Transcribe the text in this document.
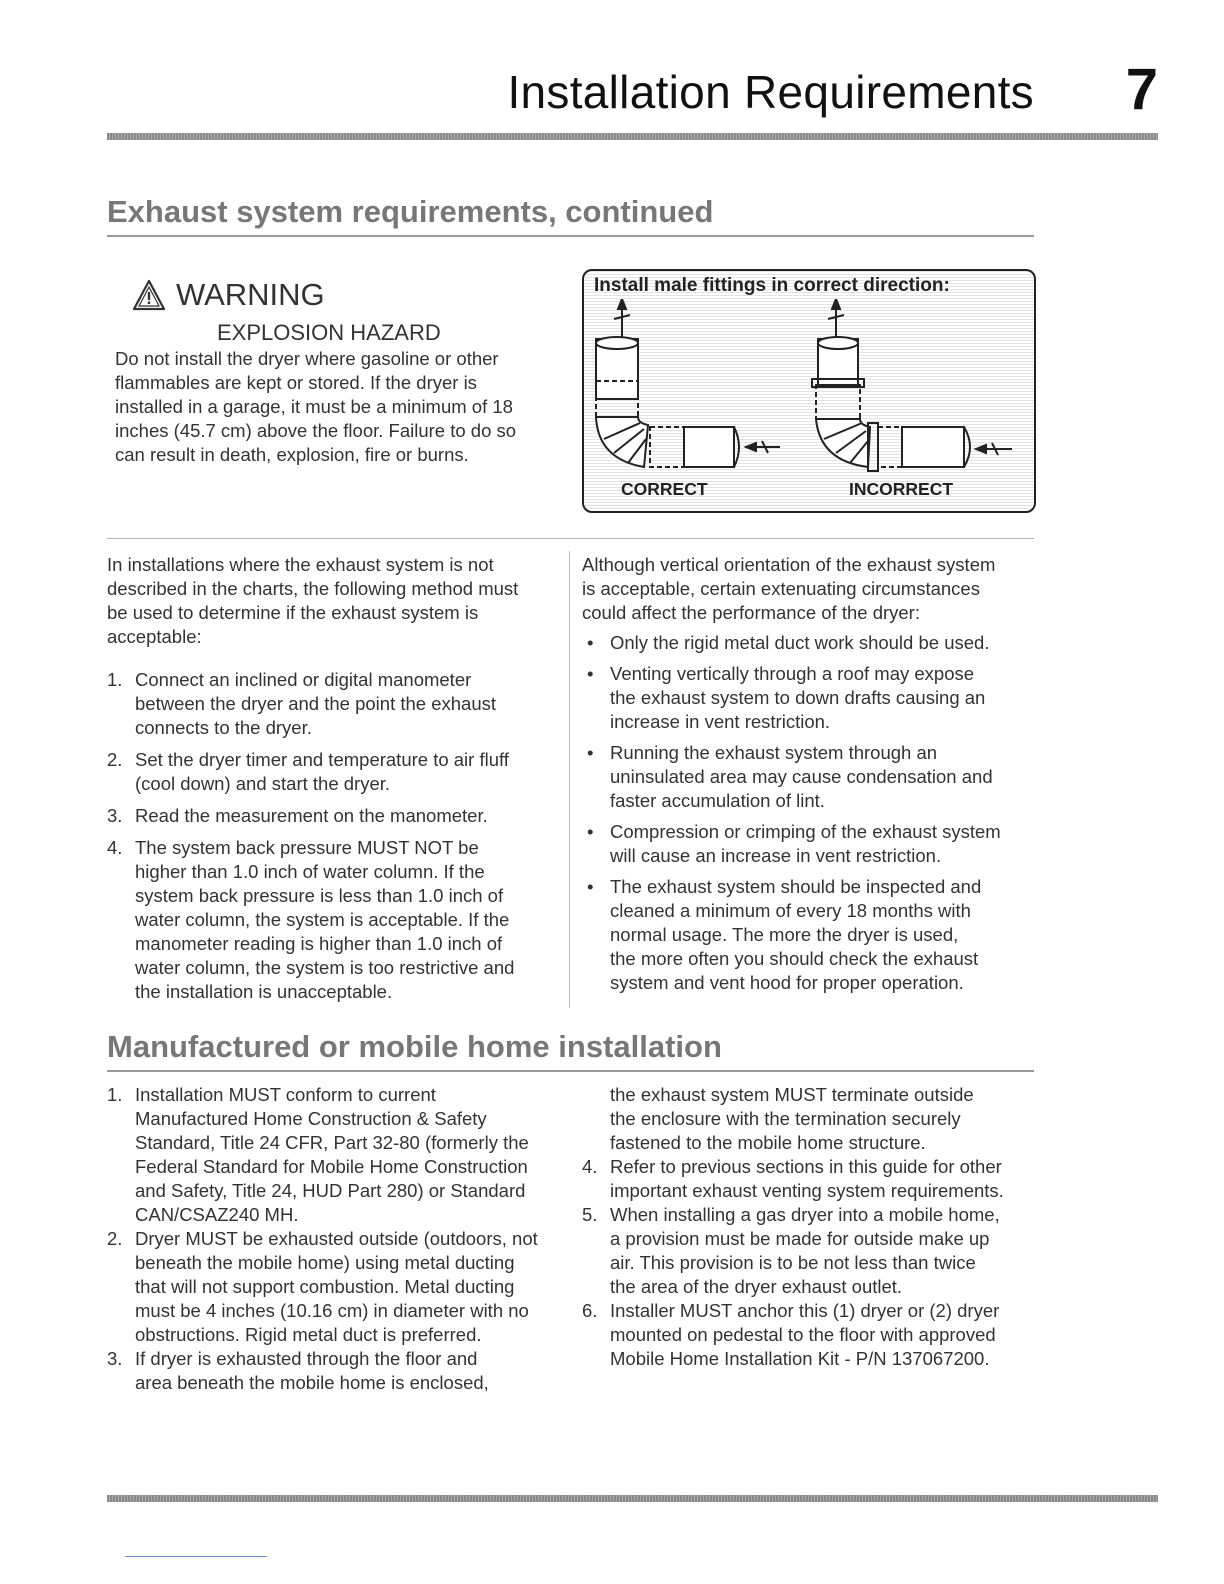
Installation Requirements 7
Exhaust system requirements, continued
WARNING
EXPLOSION HAZARD
Do not install the dryer where gasoline or other
flammables are kept or stored. If the dryer is
installed in a garage, it must be a minimum of 18
inches (45.7 cm) above the floor. Failure to do so
can result in death, explosion, fire or burns.
Install male fittings in correct direction:
CORRECT	INCORRECT
In installations where the exhaust system is not
described in the charts, the following method must
be used to determine if the exhaust system is
acceptable:
1. Connect an inclined or digital manometer
between the dryer and the point the exhaust
connects to the dryer.
2. Set the dryer timer and temperature to air fluff
(cool down) and start the dryer.
3. Read the measurement on the manometer.
4. The system back pressure MUST NOT be
higher than 1.0 inch of water column. If the
system back pressure is less than 1.0 inch of
water column, the system is acceptable. If the
manometer reading is higher than 1.0 inch of
water column, the system is too restrictive and
the installation is unacceptable.
Although vertical orientation of the exhaust system
is acceptable, certain extenuating circumstances
could affect the performance of the dryer:
• Only the rigid metal duct work should be used.
• Venting vertically through a roof may expose
the exhaust system to down drafts causing an
increase in vent restriction.
• Running the exhaust system through an
uninsulated area may cause condensation and
faster accumulation of lint.
• Compression or crimping of the exhaust system
will cause an increase in vent restriction.
• The exhaust system should be inspected and
cleaned a minimum of every 18 months with
normal usage. The more the dryer is used,
the more often you should check the exhaust
system and vent hood for proper operation.
Manufactured or mobile home installation
1. Installation MUST conform to current
Manufactured Home Construction & Safety
Standard, Title 24 CFR, Part 32-80 (formerly the
Federal Standard for Mobile Home Construction
and Safety, Title 24, HUD Part 280) or Standard
CAN/CSAZ240 MH.
2. Dryer MUST be exhausted outside (outdoors, not
beneath the mobile home) using metal ducting
that will not support combustion. Metal ducting
must be 4 inches (10.16 cm) in diameter with no
obstructions. Rigid metal duct is preferred.
3. If dryer is exhausted through the floor and
area beneath the mobile home is enclosed,
the exhaust system MUST terminate outside
the enclosure with the termination securely
fastened to the mobile home structure.
4. Refer to previous sections in this guide for other
important exhaust venting system requirements.
5. When installing a gas dryer into a mobile home,
a provision must be made for outside make up
air. This provision is to be not less than twice
the area of the dryer exhaust outlet.
6. Installer MUST anchor this (1) dryer or (2) dryer
mounted on pedestal to the floor with approved
Mobile Home Installation Kit - P/N 137067200.
